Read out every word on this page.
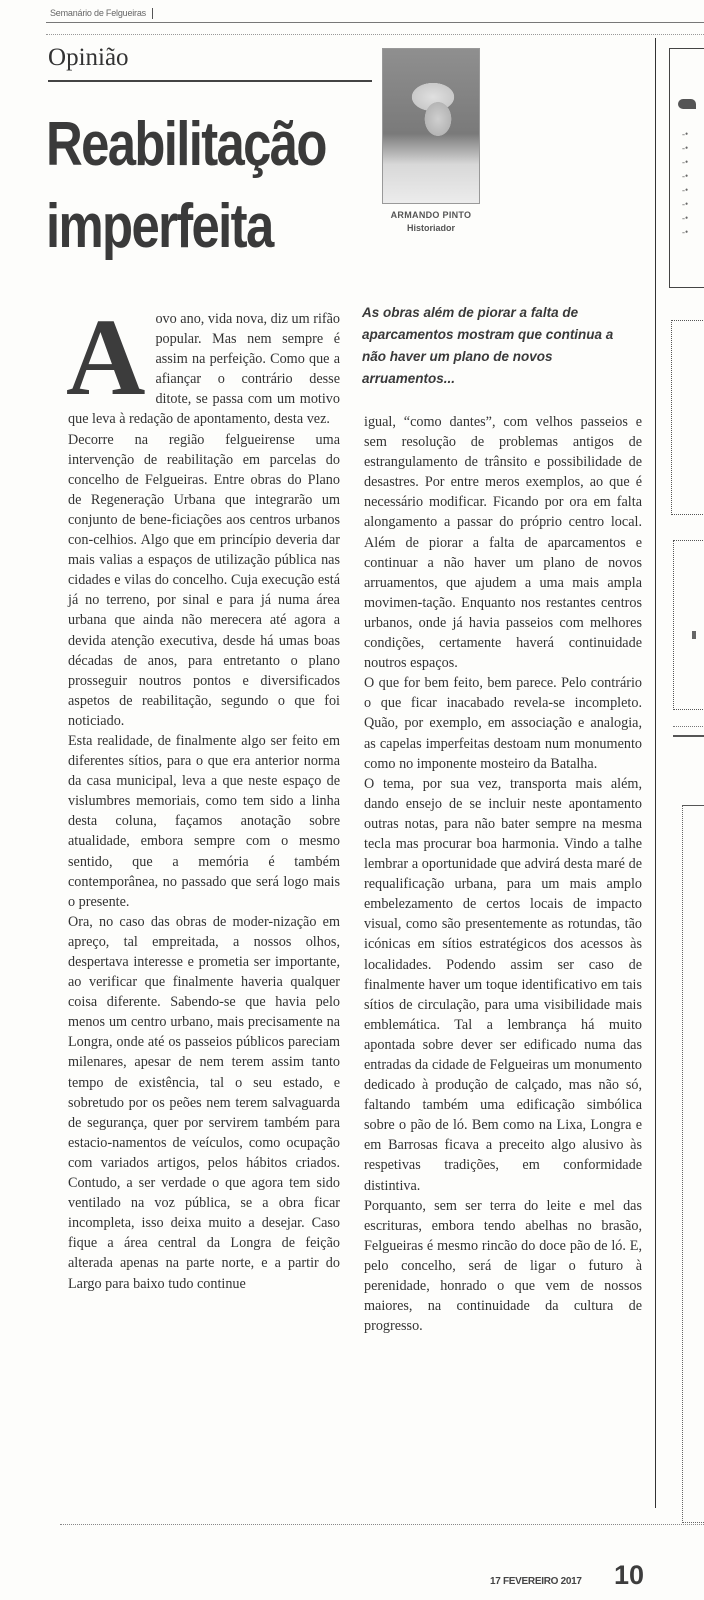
Semanário de Felgueiras
Opinião
Reabilitação
imperfeita	ARMANDO PINTO
Historiador
As obras além de piorar a falta de aparcamentos mostram que continua a não haver um plano de novos arruamentos...
A ovo ano, vida nova, diz um rifão popular. Mas nem sempre é assim na perfeição. Como que a afiançar o contrário desse ditote, se passa com um motivo que leva à redação de apontamento, desta vez.

Decorre na região felgueirense uma intervenção de reabilitação em parcelas do concelho de Felgueiras. Entre obras do Plano de Regeneração Urbana que integrarão um conjunto de bene-ficiações aos centros urbanos con-celhios. Algo que em princípio deveria dar mais valias a espaços de utilização pública nas cidades e vilas do concelho. Cuja execução está já no terreno, por sinal e para já numa área urbana que ainda não merecera até agora a devida atenção executiva, desde há umas boas décadas de anos, para entretanto o plano prosseguir noutros pontos e diversificados aspetos de reabilitação, segundo o que foi noticiado.

Esta realidade, de finalmente algo ser feito em diferentes sítios, para o que era anterior norma da casa municipal, leva a que neste espaço de vislumbres memoriais, como tem sido a linha desta coluna, façamos anotação sobre atualidade, embora sempre com o mesmo sentido, que a memória é também contemporânea, no passado que será logo mais o presente.

Ora, no caso das obras de moder-nização em apreço, tal empreitada, a nossos olhos, despertava interesse e prometia ser importante, ao verificar que finalmente haveria qualquer coisa diferente. Sabendo-se que havia pelo menos um centro urbano, mais precisamente na Longra, onde até os passeios públicos pareciam milenares, apesar de nem terem assim tanto tempo de existência, tal o seu estado, e sobretudo por os peões nem terem salvaguarda de segurança, quer por servirem também para estacio-namentos de veículos, como ocupação com variados artigos, pelos hábitos criados. Contudo, a ser verdade o que agora tem sido ventilado na voz pública, se a obra ficar incompleta, isso deixa muito a desejar. Caso fique a área central da Longra de feição alterada apenas na parte norte, e a partir do Largo para baixo tudo continue

igual, “como dantes”, com velhos passeios e sem resolução de problemas antigos de estrangulamento de trânsito e possibilidade de desastres. Por entre meros exemplos, ao que é necessário modificar. Ficando por ora em falta alongamento a passar do próprio centro local. Além de piorar a falta de aparcamentos e continuar a não haver um plano de novos arruamentos, que ajudem a uma mais ampla movimen-tação. Enquanto nos restantes centros urbanos, onde já havia passeios com melhores condições, certamente haverá continuidade noutros espaços.

O que for bem feito, bem parece. Pelo contrário o que ficar inacabado revela-se incompleto. Quão, por exemplo, em associação e analogia, as capelas imperfeitas destoam num monumento como no imponente mosteiro da Batalha.

O tema, por sua vez, transporta mais além, dando ensejo de se incluir neste apontamento outras notas, para não bater sempre na mesma tecla mas procurar boa harmonia. Vindo a talhe lembrar a oportunidade que advirá desta maré de requalificação urbana, para um mais amplo embelezamento de certos locais de impacto visual, como são presentemente as rotundas, tão icónicas em sítios estratégicos dos acessos às localidades. Podendo assim ser caso de finalmente haver um toque identificativo em tais sítios de circulação, para uma visibilidade mais emblemática. Tal a lembrança há muito apontada sobre dever ser edificado numa das entradas da cidade de Felgueiras um monumento dedicado à produção de calçado, mas não só, faltando também uma edificação simbólica sobre o pão de ló. Bem como na Lixa, Longra e em Barrosas ficava a preceito algo alusivo às respetivas tradições, em conformidade distintiva.

Porquanto, sem ser terra do leite e mel das escrituras, embora tendo abelhas no brasão, Felgueiras é mesmo rincão do doce pão de ló. E, pelo concelho, será de ligar o futuro à perenidade, honrado o que vem de nossos maiores, na continuidade da cultura de progresso.

-•
-•
-•
-•
-•
-•
-•
-•
17 FEVEREIRO 2017 10
